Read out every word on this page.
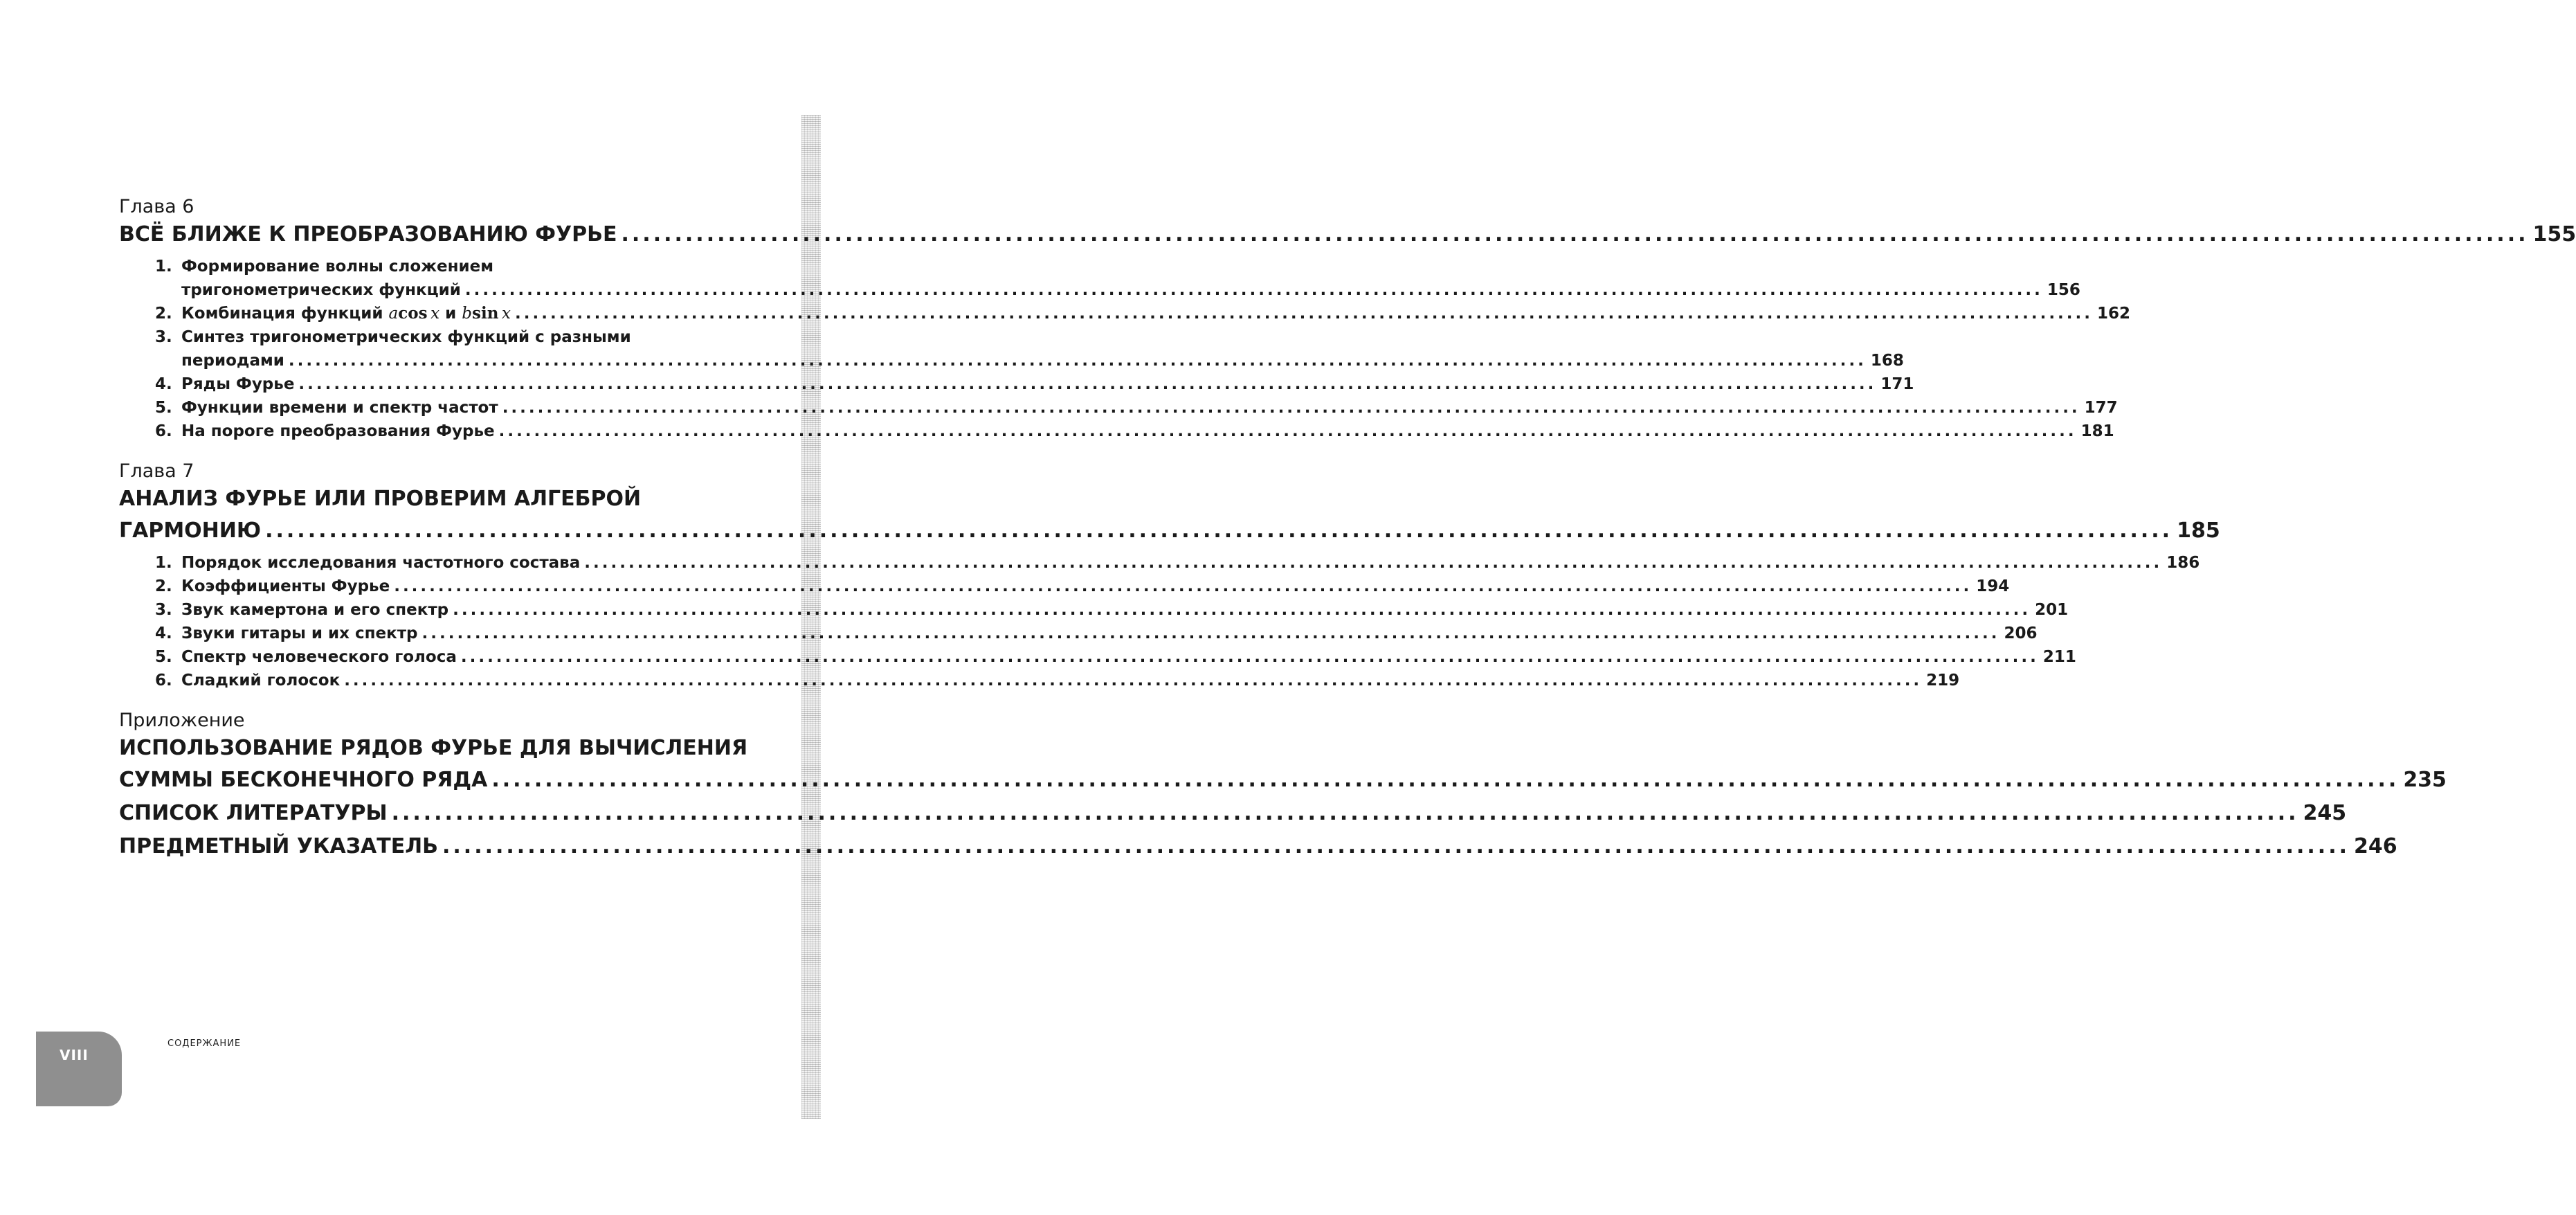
Глава 6
ВСЁ БЛИЖЕ К ПРЕОБРАЗОВАНИЮ ФУРЬЕ ................................................................................................................................................................................... 155
1. Формирование волны сложением
тригонометрических функций ................................................................................................................................................................................... 156
2. Комбинация функций acos  x и bsin  x ................................................................................................................................................................................... 162
3. Синтез тригонометрических функций с разными
периодами ................................................................................................................................................................................... 168
4. Ряды Фурье ................................................................................................................................................................................... 171
5. Функции времени и спектр частот ................................................................................................................................................................................... 177
6. На пороге преобразования Фурье ................................................................................................................................................................................... 181
Глава 7
АНАЛИЗ ФУРЬЕ ИЛИ ПРОВЕРИМ АЛГЕБРОЙ
ГАРМОНИЮ ................................................................................................................................................................................... 185
1. Порядок исследования частотного состава ................................................................................................................................................................................... 186
2. Коэффициенты Фурье ................................................................................................................................................................................... 194
3. Звук камертона и его спектр ................................................................................................................................................................................... 201
4. Звуки гитары и их спектр ................................................................................................................................................................................... 206
5. Спектр человеческого голоса ................................................................................................................................................................................... 211
6. Сладкий голосок ................................................................................................................................................................................... 219
Приложение
ИСПОЛЬЗОВАНИЕ РЯДОВ ФУРЬЕ ДЛЯ ВЫЧИСЛЕНИЯ
СУММЫ БЕСКОНЕЧНОГО РЯДА ................................................................................................................................................................................... 235
СПИСОК ЛИТЕРАТУРЫ ................................................................................................................................................................................... 245
ПРЕДМЕТНЫЙ УКАЗАТЕЛЬ ................................................................................................................................................................................... 246
VIII
СОДЕРЖАНИЕ
